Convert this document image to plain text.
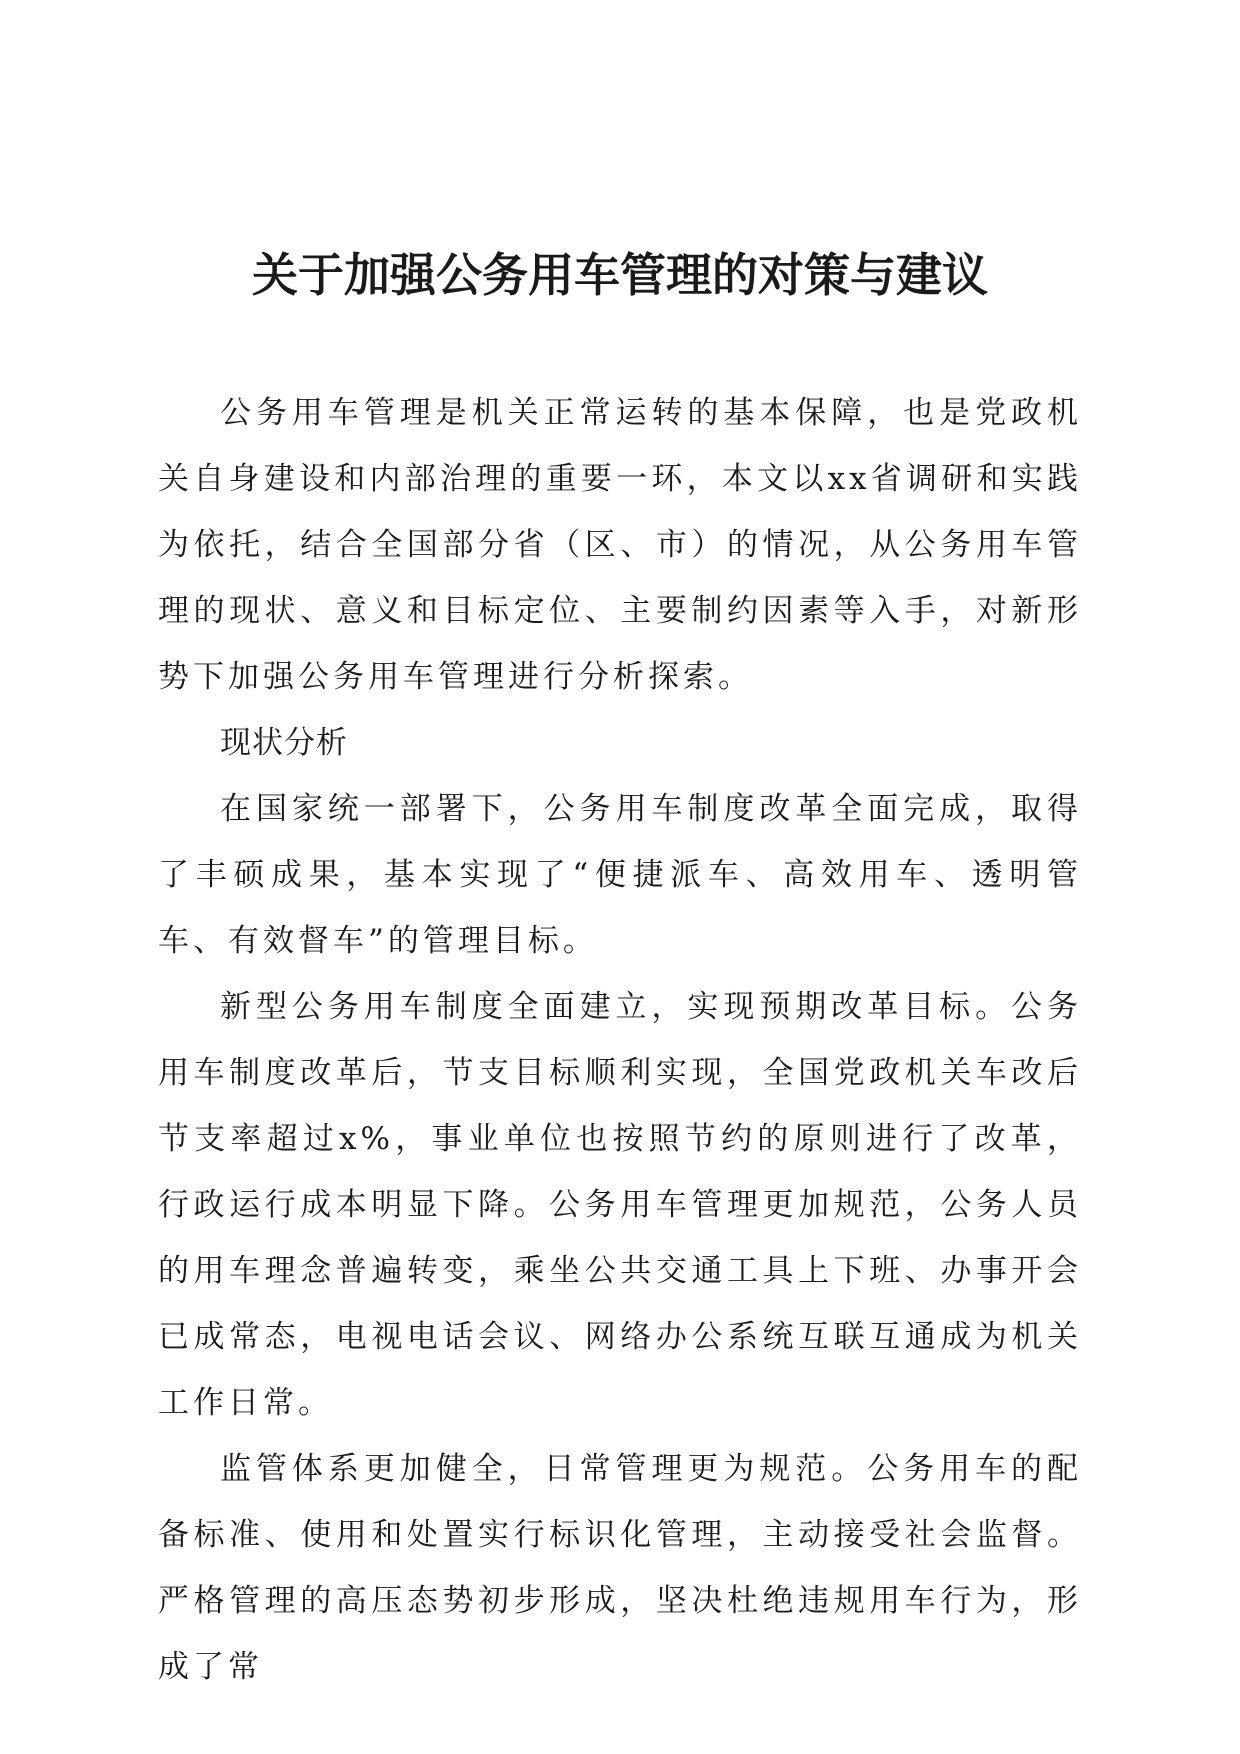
关于加强公务用车管理的对策与建议

公务用车管理是机关正常运转的基本保障，也是党政机关自身建设和内部治理的重要一环，本文以xx省调研和实践为依托，结合全国部分省（区、市）的情况，从公务用车管理的现状、意义和目标定位、主要制约因素等入手，对新形势下加强公务用车管理进行分析探索。

现状分析

在国家统一部署下，公务用车制度改革全面完成，取得了丰硕成果，基本实现了“便捷派车、高效用车、透明管车、有效督车”的管理目标。

新型公务用车制度全面建立，实现预期改革目标。公务用车制度改革后，节支目标顺利实现，全国党政机关车改后节支率超过x%，事业单位也按照节约的原则进行了改革，行政运行成本明显下降。公务用车管理更加规范，公务人员的用车理念普遍转变，乘坐公共交通工具上下班、办事开会已成常态，电视电话会议、网络办公系统互联互通成为机关工作日常。

监管体系更加健全，日常管理更为规范。公务用车的配备标准、使用和处置实行标识化管理，主动接受社会监督。严格管理的高压态势初步形成，坚决杜绝违规用车行为，形成了常
